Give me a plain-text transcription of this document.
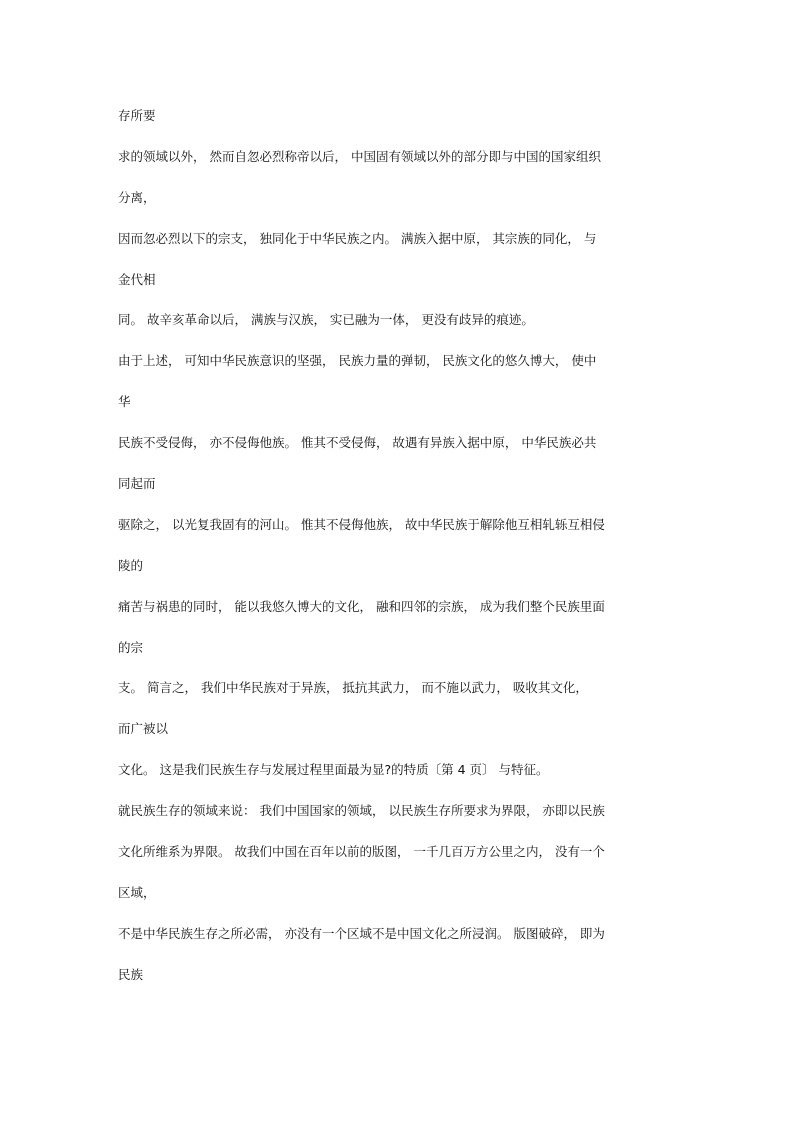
存所要

求的领域以外， 然而自忽必烈称帝以后， 中国固有领域以外的部分即与中国的国家组织

分离，

因而忽必烈以下的宗支， 独同化于中华民族之内。 满族入据中原， 其宗族的同化， 与

金代相

同。 故辛亥革命以后， 满族与汉族， 实已融为一体， 更没有歧异的痕迹。

由于上述， 可知中华民族意识的坚强， 民族力量的弹韧， 民族文化的悠久博大， 使中

华

民族不受侵侮， 亦不侵侮他族。 惟其不受侵侮， 故遇有异族入据中原， 中华民族必共

同起而

驱除之， 以光复我固有的河山。 惟其不侵侮他族， 故中华民族于解除他互相轧轹互相侵

陵的

痛苦与祸患的同时， 能以我悠久博大的文化， 融和四邻的宗族， 成为我们整个民族里面

的宗

支。 简言之， 我们中华民族对于异族， 抵抗其武力， 而不施以武力， 吸收其文化，

而广被以

文化。 这是我们民族生存与发展过程里面最为显?的特质〔第 4 页〕 与特征。

就民族生存的领域来说： 我们中国国家的领域， 以民族生存所要求为界限， 亦即以民族

文化所维系为界限。 故我们中国在百年以前的版图， 一千几百万方公里之内， 没有一个

区域，

不是中华民族生存之所必需， 亦没有一个区域不是中国文化之所浸润。 版图破碎， 即为

民族
